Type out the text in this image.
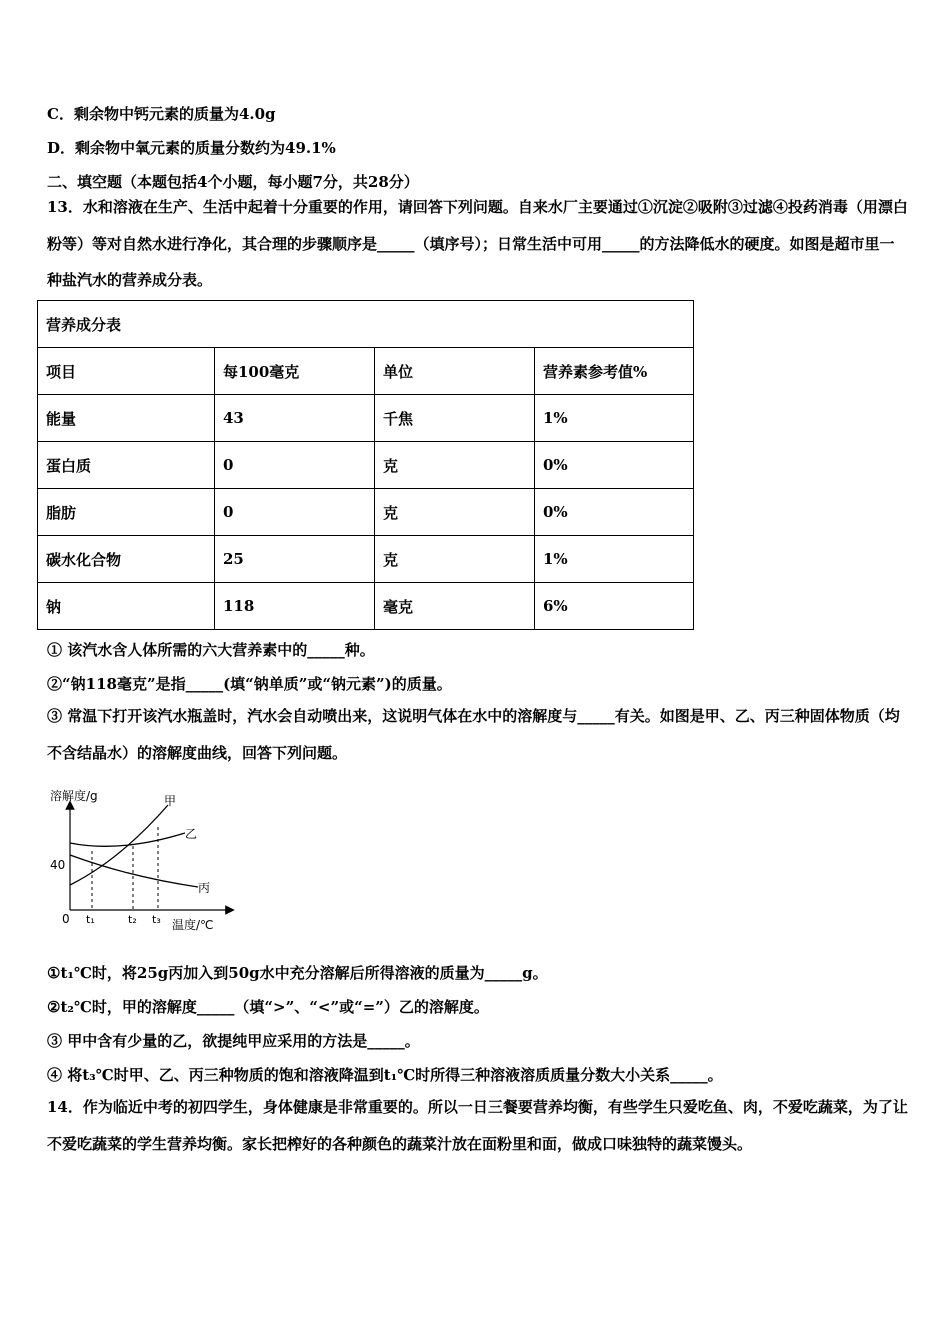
C．剩余物中钙元素的质量为4.0g
D．剩余物中氧元素的质量分数约为49.1%
二、填空题（本题包括4个小题，每小题7分，共28分）
13．水和溶液在生产、生活中起着十分重要的作用，请回答下列问题。自来水厂主要通过①沉淀②吸附③过滤④投药消毒（用漂白粉等）等对自然水进行净化，其合理的步骤顺序是_____（填序号）；日常生活中可用_____的方法降低水的硬度。如图是超市里一种盐汽水的营养成分表。
营养成分表			
项目	每100毫克	单位	营养素参考值%
能量	43	千焦	1%
蛋白质	0	克	0%
脂肪	0	克	0%
碳水化合物	25	克	1%
钠	118	毫克	6%
① 该汽水含人体所需的六大营养素中的_____种。
②“钠118毫克”是指_____(填“钠单质”或“钠元素”)的质量。
③ 常温下打开该汽水瓶盖时，汽水会自动喷出来，这说明气体在水中的溶解度与_____有关。如图是甲、乙、丙三种固体物质（均不含结晶水）的溶解度曲线，回答下列问题。
溶解度/g
温度/℃
40
0 t₁	t₂ t₃
甲
乙
丙
①t₁℃时，将25g丙加入到50g水中充分溶解后所得溶液的质量为_____g。
②t₂℃时，甲的溶解度_____（填“>”、“<”或“=”）乙的溶解度。
③ 甲中含有少量的乙，欲提纯甲应采用的方法是_____。
④ 将t₃℃时甲、乙、丙三种物质的饱和溶液降温到t₁℃时所得三种溶液溶质质量分数大小关系_____。
14．作为临近中考的初四学生，身体健康是非常重要的。所以一日三餐要营养均衡，有些学生只爱吃鱼、肉，不爱吃蔬菜，为了让不爱吃蔬菜的学生营养均衡。家长把榨好的各种颜色的蔬菜汁放在面粉里和面，做成口味独特的蔬菜馒头。
